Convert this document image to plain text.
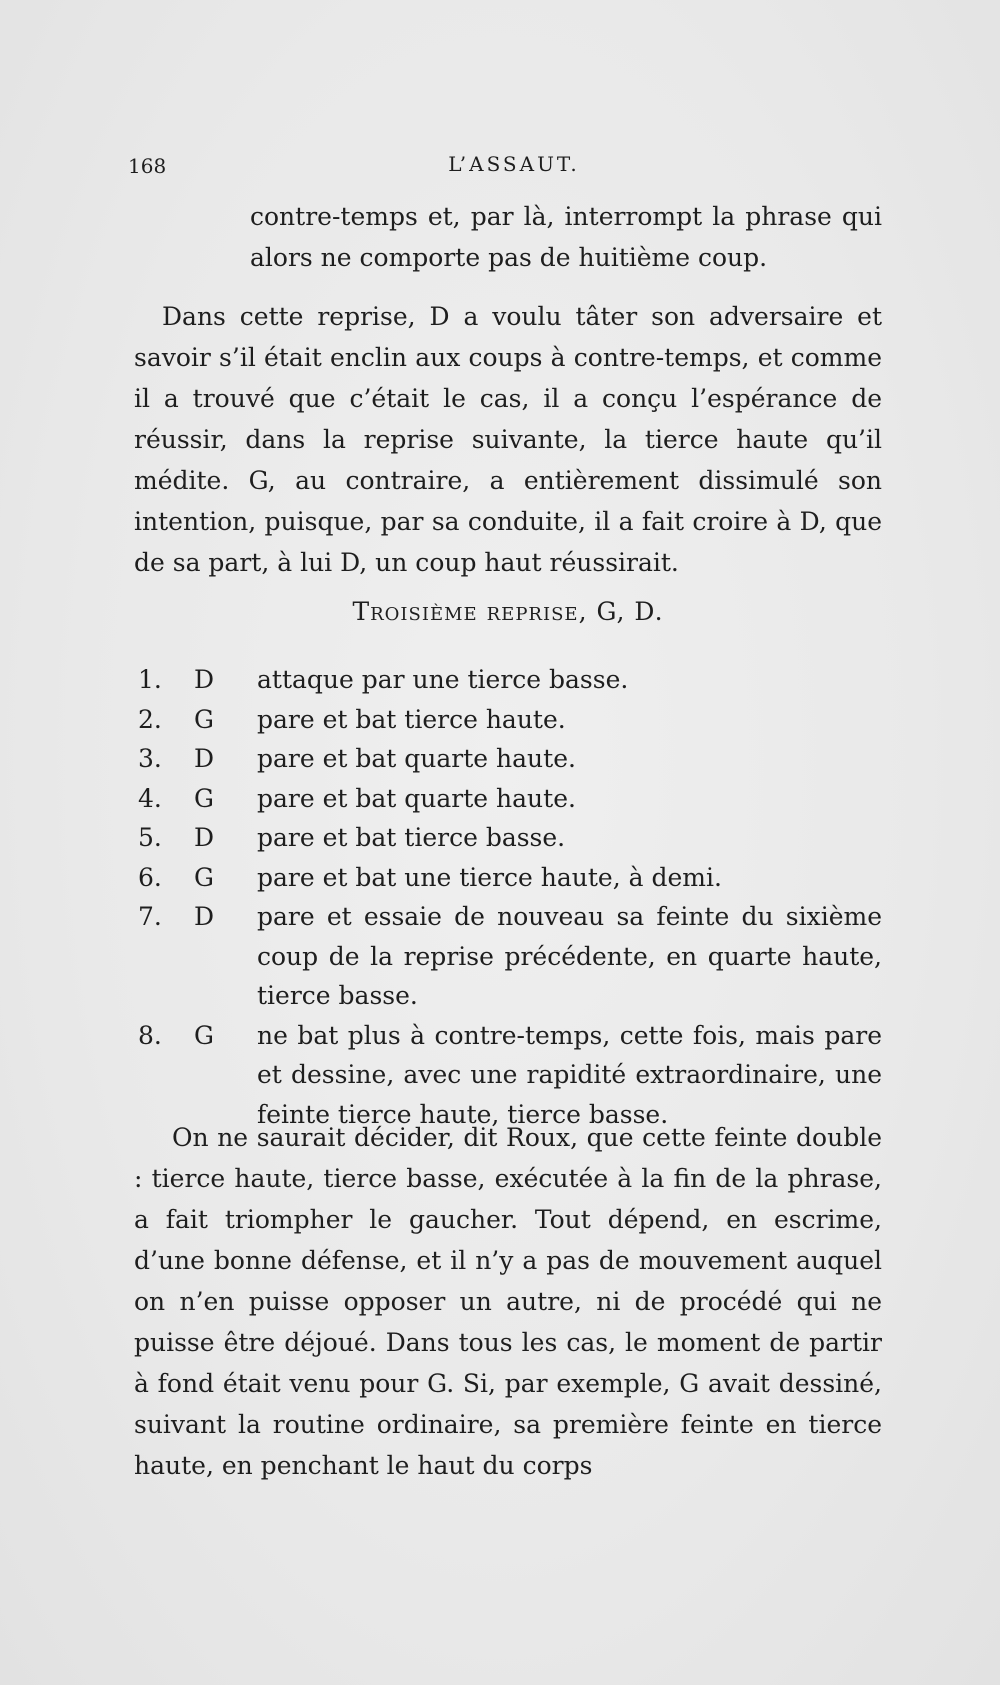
168	L’ASSAUT.

contre-temps et, par là, interrompt la phrase qui alors ne comporte pas de huitième coup.

Dans cette reprise, D a voulu tâter son adversaire et savoir s’il était enclin aux coups à contre-temps, et comme il a trouvé que c’était le cas, il a conçu l’espérance de réussir, dans la reprise suivante, la tierce haute qu’il médite. G, au contraire, a entièrement dissimulé son intention, puisque, par sa conduite, il a fait croire à D, que de sa part, à lui D, un coup haut réussirait.

Troisième reprise, G, D.
1. D attaque par une tierce basse.
2. G pare et bat tierce haute.
3. D pare et bat quarte haute.
4. G pare et bat quarte haute.
5. D pare et bat tierce basse.
6. G pare et bat une tierce haute, à demi.
7. D pare et essaie de nouveau sa feinte du sixième coup de la reprise précédente, en quarte haute, tierce basse.
8. G ne bat plus à contre-temps, cette fois, mais pare et dessine, avec une rapidité extraordinaire, une feinte tierce haute, tierce basse.

On ne saurait décider, dit Roux, que cette feinte double : tierce haute, tierce basse, exécutée à la fin de la phrase, a fait triompher le gaucher. Tout dépend, en escrime, d’une bonne défense, et il n’y a pas de mouvement auquel on n’en puisse opposer un autre, ni de procédé qui ne puisse être déjoué. Dans tous les cas, le moment de partir à fond était venu pour G. Si, par exemple, G avait dessiné, suivant la routine ordinaire, sa première feinte en tierce haute, en penchant le haut du corps
